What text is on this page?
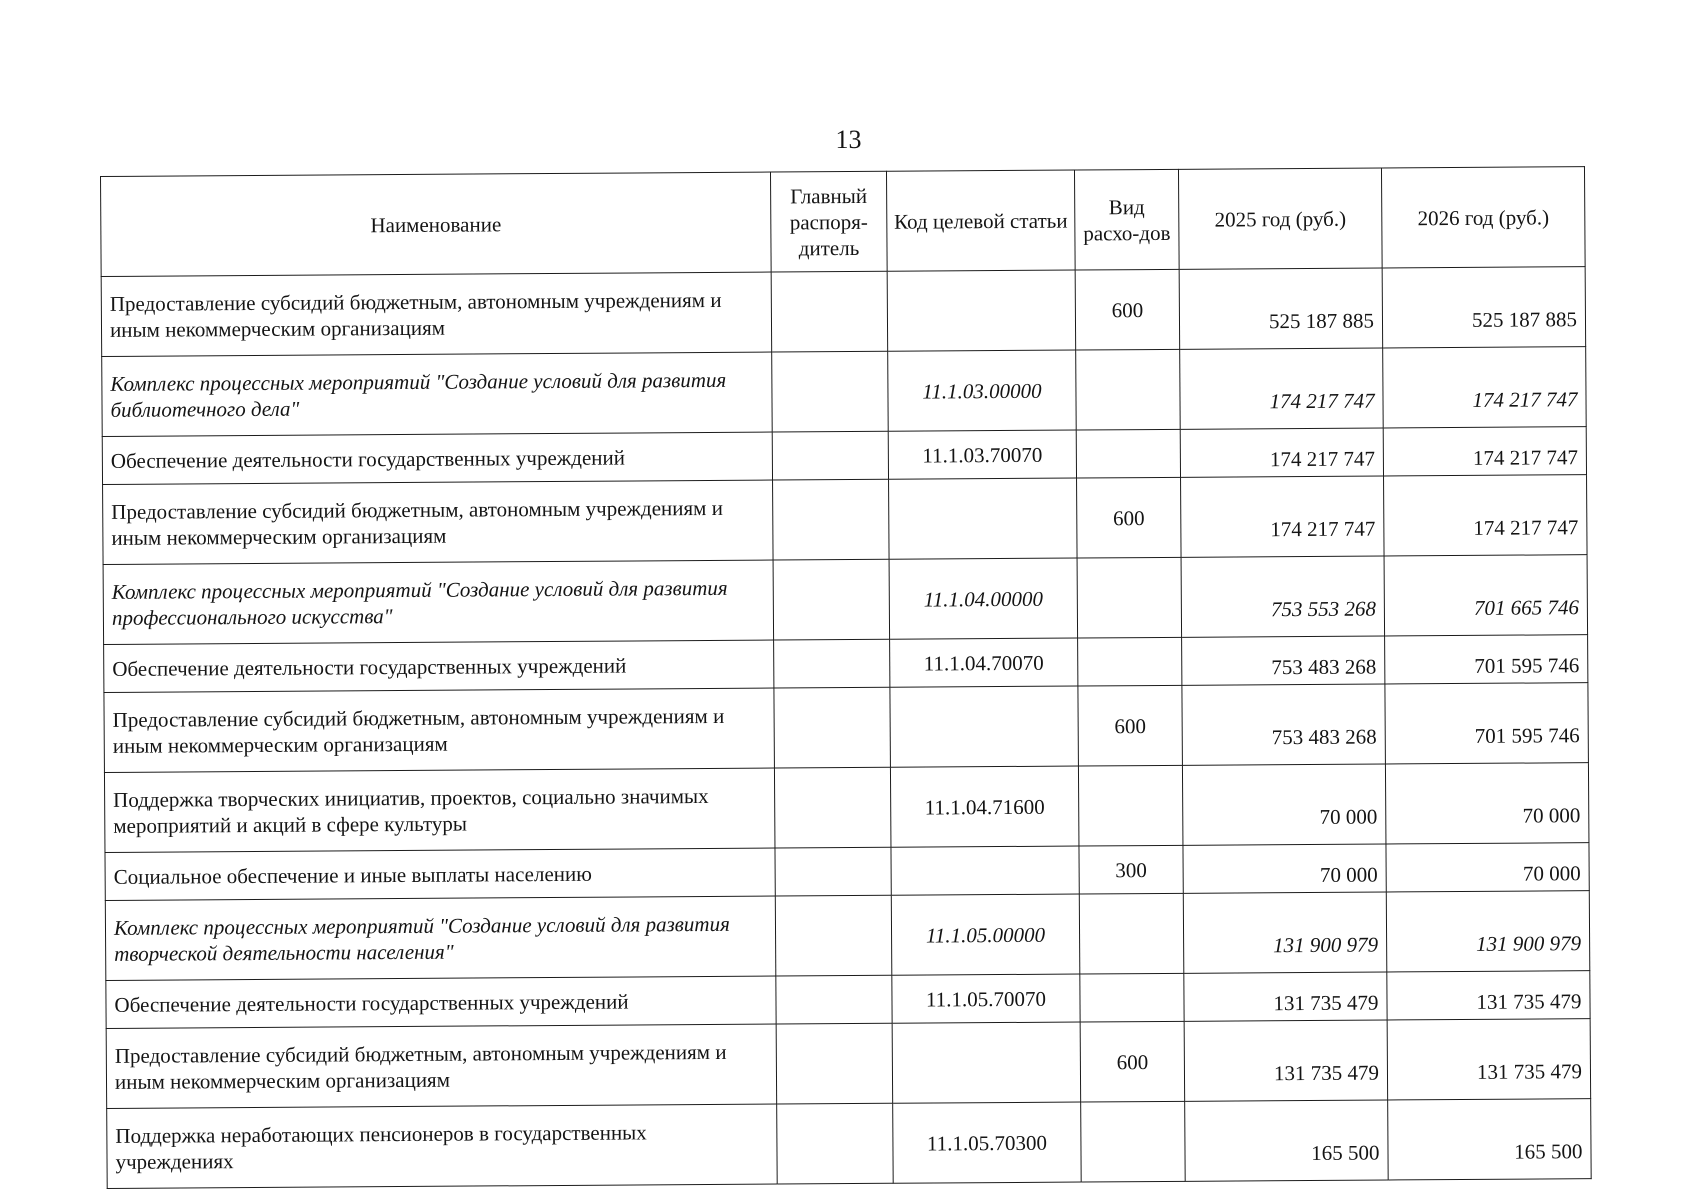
13
Наименование	Главный распоря-дитель	Код целевой статьи	Вид расхо-дов	2025 год (руб.)	2026 год (руб.)
Предоставление субсидий бюджетным, автономным учреждениям и иным некоммерческим организациям			600	525 187 885	525 187 885
Комплекс процессных мероприятий "Создание условий для развития библиотечного дела"		11.1.03.00000		174 217 747	174 217 747
Обеспечение деятельности государственных учреждений		11.1.03.70070		174 217 747	174 217 747
Предоставление субсидий бюджетным, автономным учреждениям и иным некоммерческим организациям			600	174 217 747	174 217 747
Комплекс процессных мероприятий "Создание условий для развития профессионального искусства"		11.1.04.00000		753 553 268	701 665 746
Обеспечение деятельности государственных учреждений		11.1.04.70070		753 483 268	701 595 746
Предоставление субсидий бюджетным, автономным учреждениям и иным некоммерческим организациям			600	753 483 268	701 595 746
Поддержка творческих инициатив, проектов, социально значимых мероприятий и акций в сфере культуры		11.1.04.71600		70 000	70 000
Социальное обеспечение и иные выплаты населению			300	70 000	70 000
Комплекс процессных мероприятий "Создание условий для развития творческой деятельности населения"		11.1.05.00000		131 900 979	131 900 979
Обеспечение деятельности государственных учреждений		11.1.05.70070		131 735 479	131 735 479
Предоставление субсидий бюджетным, автономным учреждениям и иным некоммерческим организациям			600	131 735 479	131 735 479
Поддержка неработающих пенсионеров в государственных учреждениях		11.1.05.70300		165 500	165 500
